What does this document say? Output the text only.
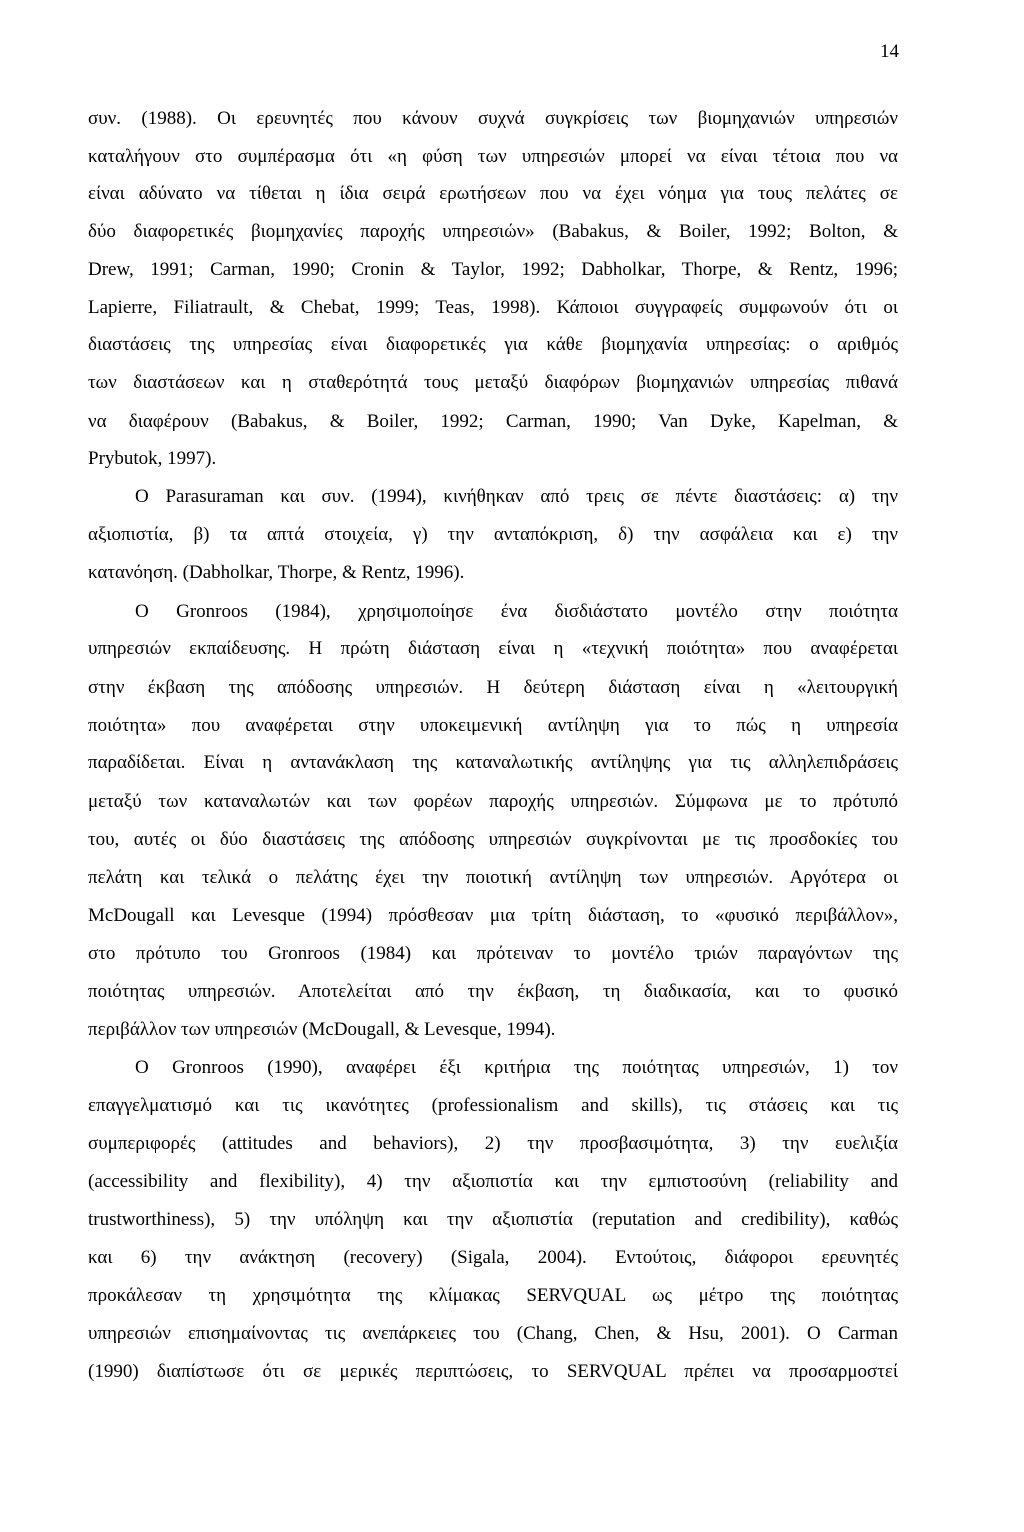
14
συν. (1988). Οι ερευνητές που κάνουν συχνά συγκρίσεις των βιομηχανιών υπηρεσιών
καταλήγουν στο συμπέρασμα ότι «η φύση των υπηρεσιών μπορεί να είναι τέτοια που να
είναι αδύνατο να τίθεται η ίδια σειρά ερωτήσεων που να έχει νόημα για τους πελάτες σε
δύο διαφορετικές βιομηχανίες παροχής υπηρεσιών» (Babakus, & Boiler, 1992; Bolton, &
Drew, 1991; Carman, 1990; Cronin & Taylor, 1992; Dabholkar, Thorpe, & Rentz, 1996;
Lapierre, Filiatrault, & Chebat, 1999; Teas, 1998). Κάποιοι συγγραφείς συμφωνούν ότι οι
διαστάσεις της υπηρεσίας είναι διαφορετικές για κάθε βιομηχανία υπηρεσίας: ο αριθμός
των διαστάσεων και η σταθερότητά τους μεταξύ διαφόρων βιομηχανιών υπηρεσίας πιθανά
να διαφέρουν (Babakus, & Boiler, 1992; Carman, 1990; Van Dyke, Kapelman, &
Prybutok, 1997).
Ο Parasuraman και συν. (1994), κινήθηκαν από τρεις σε πέντε διαστάσεις: α) την
αξιοπιστία, β) τα απτά στοιχεία, γ) την ανταπόκριση, δ) την ασφάλεια και ε) την
κατανόηση. (Dabholkar, Thorpe, & Rentz, 1996).
Ο Gronroos (1984), χρησιμοποίησε ένα δισδιάστατο μοντέλο στην ποιότητα
υπηρεσιών εκπαίδευσης. Η πρώτη διάσταση είναι η «τεχνική ποιότητα» που αναφέρεται
στην έκβαση της απόδοσης υπηρεσιών. Η δεύτερη διάσταση είναι η «λειτουργική
ποιότητα» που αναφέρεται στην υποκειμενική αντίληψη για το πώς η υπηρεσία
παραδίδεται. Είναι η αντανάκλαση της καταναλωτικής αντίληψης για τις αλληλεπιδράσεις
μεταξύ των καταναλωτών και των φορέων παροχής υπηρεσιών. Σύμφωνα με το πρότυπό
του, αυτές οι δύο διαστάσεις της απόδοσης υπηρεσιών συγκρίνονται με τις προσδοκίες του
πελάτη και τελικά ο πελάτης έχει την ποιοτική αντίληψη των υπηρεσιών. Αργότερα οι
McDougall και Levesque (1994) πρόσθεσαν μια τρίτη διάσταση, το «φυσικό περιβάλλον»,
στο πρότυπο του Gronroos (1984) και πρότειναν το μοντέλο τριών παραγόντων της
ποιότητας υπηρεσιών. Αποτελείται από την έκβαση, τη διαδικασία, και το φυσικό
περιβάλλον των υπηρεσιών (McDougall, & Levesque, 1994).
Ο Gronroos (1990), αναφέρει έξι κριτήρια της ποιότητας υπηρεσιών, 1) τον
επαγγελματισμό και τις ικανότητες (professionalism and skills), τις στάσεις και τις
συμπεριφορές (attitudes and behaviors), 2) την προσβασιμότητα, 3) την ευελιξία
(accessibility and flexibility), 4) την αξιοπιστία και την εμπιστοσύνη (reliability and
trustworthiness), 5) την υπόληψη και την αξιοπιστία (reputation and credibility), καθώς
και 6) την ανάκτηση (recovery) (Sigala, 2004). Εντούτοις, διάφοροι ερευνητές
προκάλεσαν τη χρησιμότητα της κλίμακας SERVQUAL ως μέτρο της ποιότητας
υπηρεσιών επισημαίνοντας τις ανεπάρκειες του (Chang, Chen, & Hsu, 2001). Ο Carman
(1990) διαπίστωσε ότι σε μερικές περιπτώσεις, το SERVQUAL πρέπει να προσαρμοστεί
